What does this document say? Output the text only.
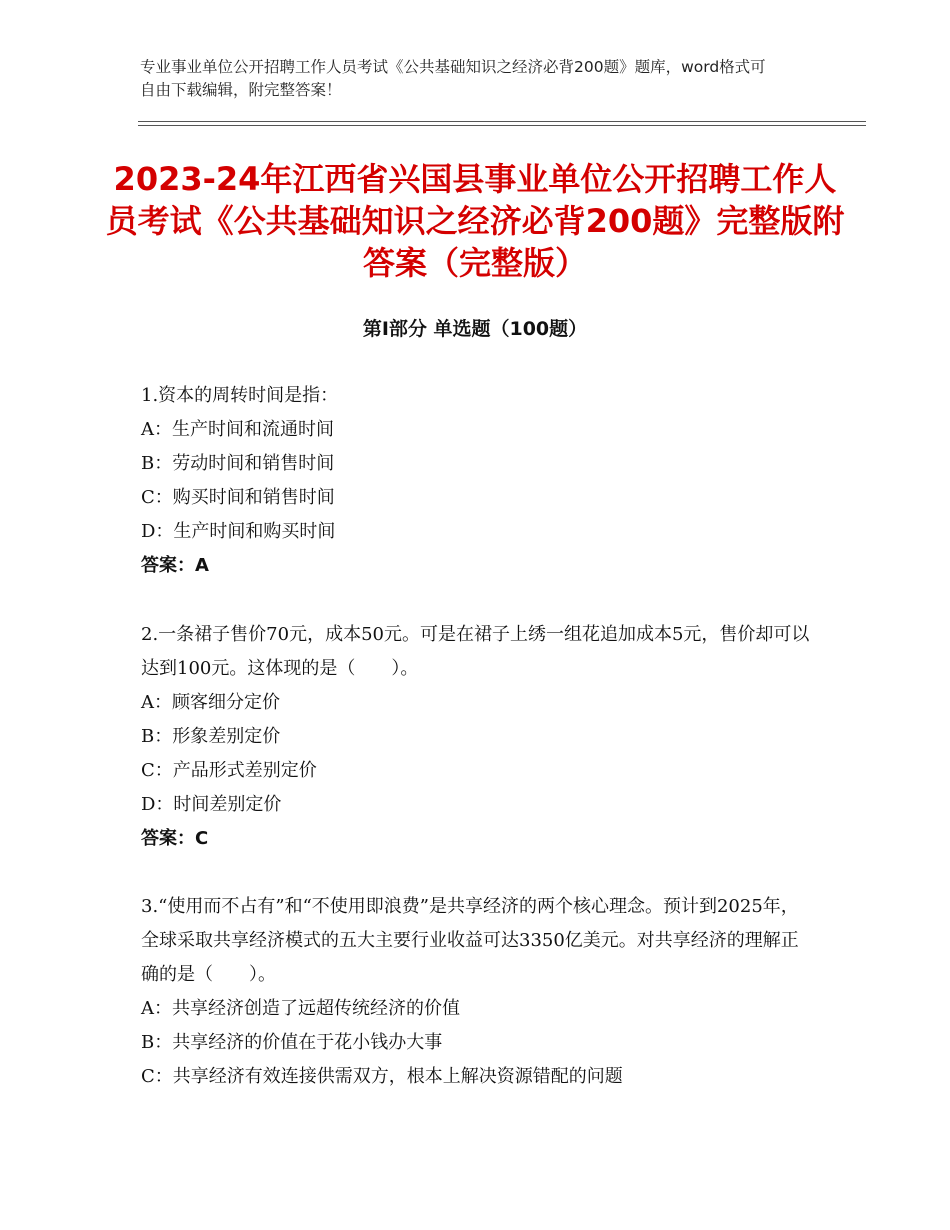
专业事业单位公开招聘工作人员考试《公共基础知识之经济必背200题》题库，word格式可自由下载编辑，附完整答案！
2023-24年江西省兴国县事业单位公开招聘工作人员考试《公共基础知识之经济必背200题》完整版附答案（完整版）
第Ⅰ部分 单选题（100题）
1.资本的周转时间是指：
A：生产时间和流通时间
B：劳动时间和销售时间
C：购买时间和销售时间
D：生产时间和购买时间
答案：A
2.一条裙子售价70元，成本50元。可是在裙子上绣一组花追加成本5元，售价却可以达到100元。这体现的是（　　）。
A：顾客细分定价
B：形象差别定价
C：产品形式差别定价
D：时间差别定价
答案：C
3.“使用而不占有”和“不使用即浪费”是共享经济的两个核心理念。预计到2025年，全球采取共享经济模式的五大主要行业收益可达3350亿美元。对共享经济的理解正确的是（　　）。
A：共享经济创造了远超传统经济的价值
B：共享经济的价值在于花小钱办大事
C：共享经济有效连接供需双方，根本上解决资源错配的问题
